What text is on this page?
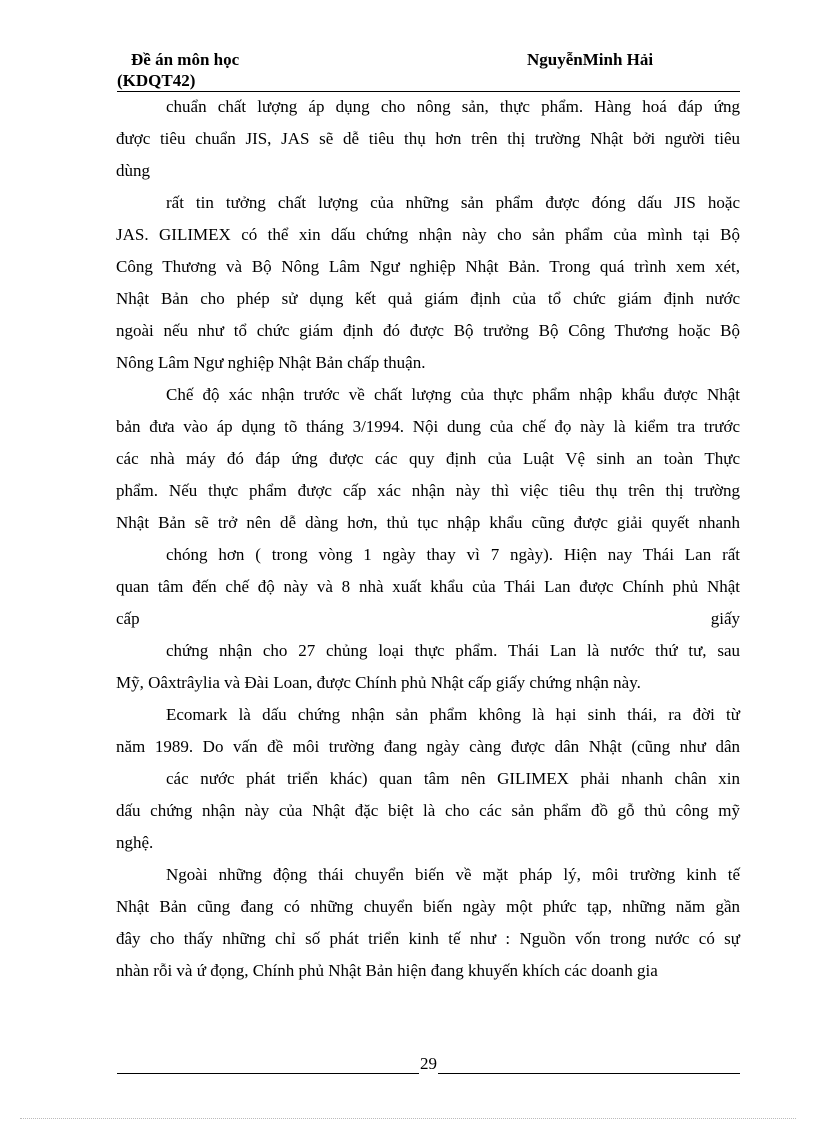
Đề án môn học
(KDQT42)
NguyễnMinh Hải
chuẩn chất lượng áp dụng cho nông sản, thực phẩm. Hàng hoá đáp ứng
được tiêu chuẩn JIS, JAS sẽ dễ tiêu thụ hơn trên thị trường Nhật bởi người tiêu
dùng
rất tin tưởng chất lượng của những sản phẩm được đóng dấu JIS hoặc
JAS. GILIMEX có thể xin dấu chứng nhận này cho sản phẩm của mình tại Bộ
Công Thương và Bộ Nông Lâm Ngư nghiệp Nhật Bản. Trong quá trình xem xét,
Nhật Bản cho phép sử dụng kết quả giám định của tổ chức giám định nước
ngoài nếu như tổ chức giám định đó được Bộ trưởng Bộ Công Thương hoặc Bộ
Nông Lâm Ngư nghiệp Nhật Bản chấp thuận.
Chế độ xác nhận trước về chất lượng của thực phẩm nhập khẩu được Nhật
bản đưa vào áp dụng tõ tháng 3/1994. Nội dung của chế đọ này là kiểm tra trước
các nhà máy đó đáp ứng được các quy định của Luật Vệ sinh an toàn Thực
phẩm. Nếu thực phẩm được cấp xác nhận này thì việc tiêu thụ trên thị trường
Nhật Bản sẽ trở nên dễ dàng hơn, thủ tục nhập khẩu cũng được giải quyết nhanh
chóng hơn ( trong vòng 1 ngày thay vì 7 ngày). Hiện nay Thái Lan rất
quan tâm đến chế độ này và 8 nhà xuất khẩu của Thái Lan được Chính phủ Nhật
cấp	giấy
chứng nhận cho 27 chủng loại thực phẩm. Thái Lan là nước thứ tư, sau
Mỹ, Oâxtrâylia và Đài Loan, được Chính phủ Nhật cấp giấy chứng nhận này.
Ecomark là dấu chứng nhận sản phẩm không là hại sinh thái, ra đời từ
năm 1989. Do vấn đề môi trường đang ngày càng được dân Nhật (cũng như dân
các nước phát triển khác) quan tâm nên GILIMEX phải nhanh chân xin
dấu chứng nhận này của Nhật đặc biệt là cho các sản phẩm đồ gỗ thủ công mỹ
nghệ.
Ngoài những động thái chuyển biến về mặt pháp lý, môi trường kinh tế
Nhật Bản cũng đang có những chuyển biến ngày một phức tạp, những năm gần
đây cho thấy những chỉ số phát triển kinh tế như : Nguồn vốn trong nước có sự
nhàn rỗi và ứ đọng, Chính phủ Nhật Bản hiện đang khuyến khích các doanh gia
29
